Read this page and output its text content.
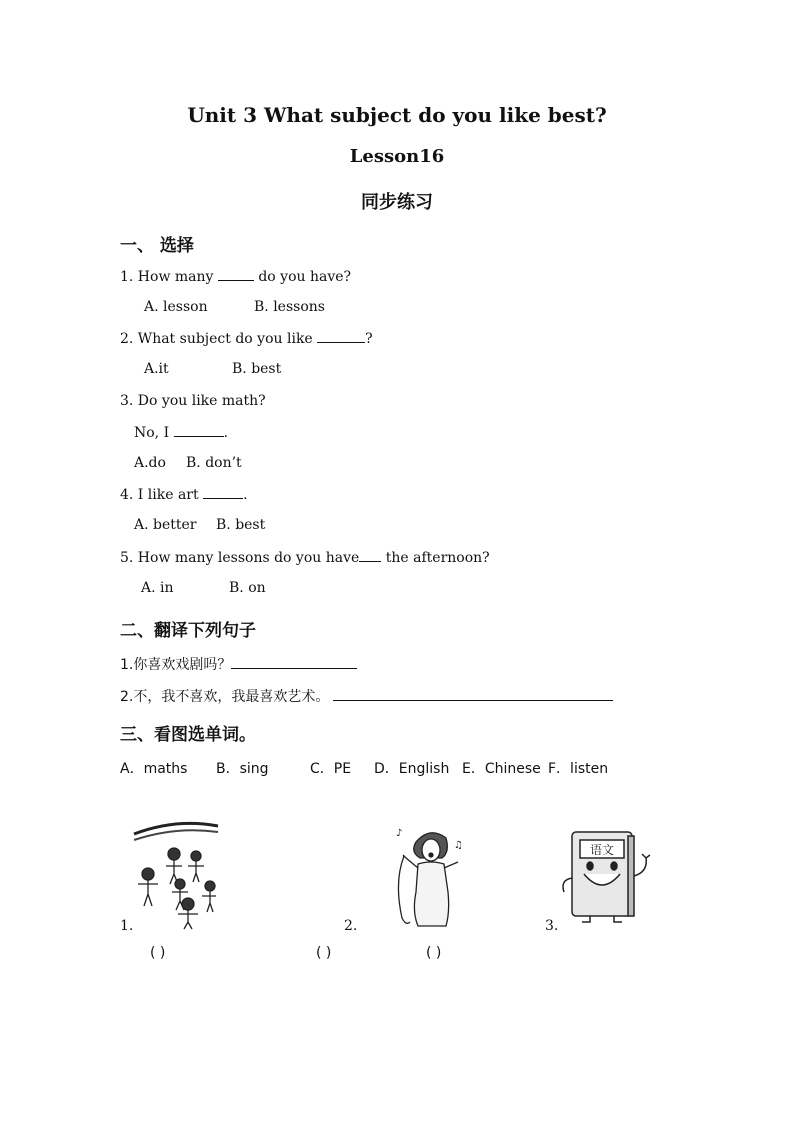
Unit 3 What subject do you like best?
Lesson16
同步练习
一、 选择
1. How many	do you have?
A. lesson	B. lessons
2. What subject do you like	?
A.it	B. best
3. Do you like math?
No, I	.
A.do B. don’t
4. I like art	.
A. better B. best
5. How many lessons do you have the afternoon?
A. in	B. on
二、翻译下列句子
1.你喜欢戏剧吗？
2.不，我不喜欢，我最喜欢艺术。
三、看图选单词。
A．maths B．sing	C．PE D．English E．Chinese F．listen
♪
♫	语文
1.	2.	3.
( )	( )	( )
